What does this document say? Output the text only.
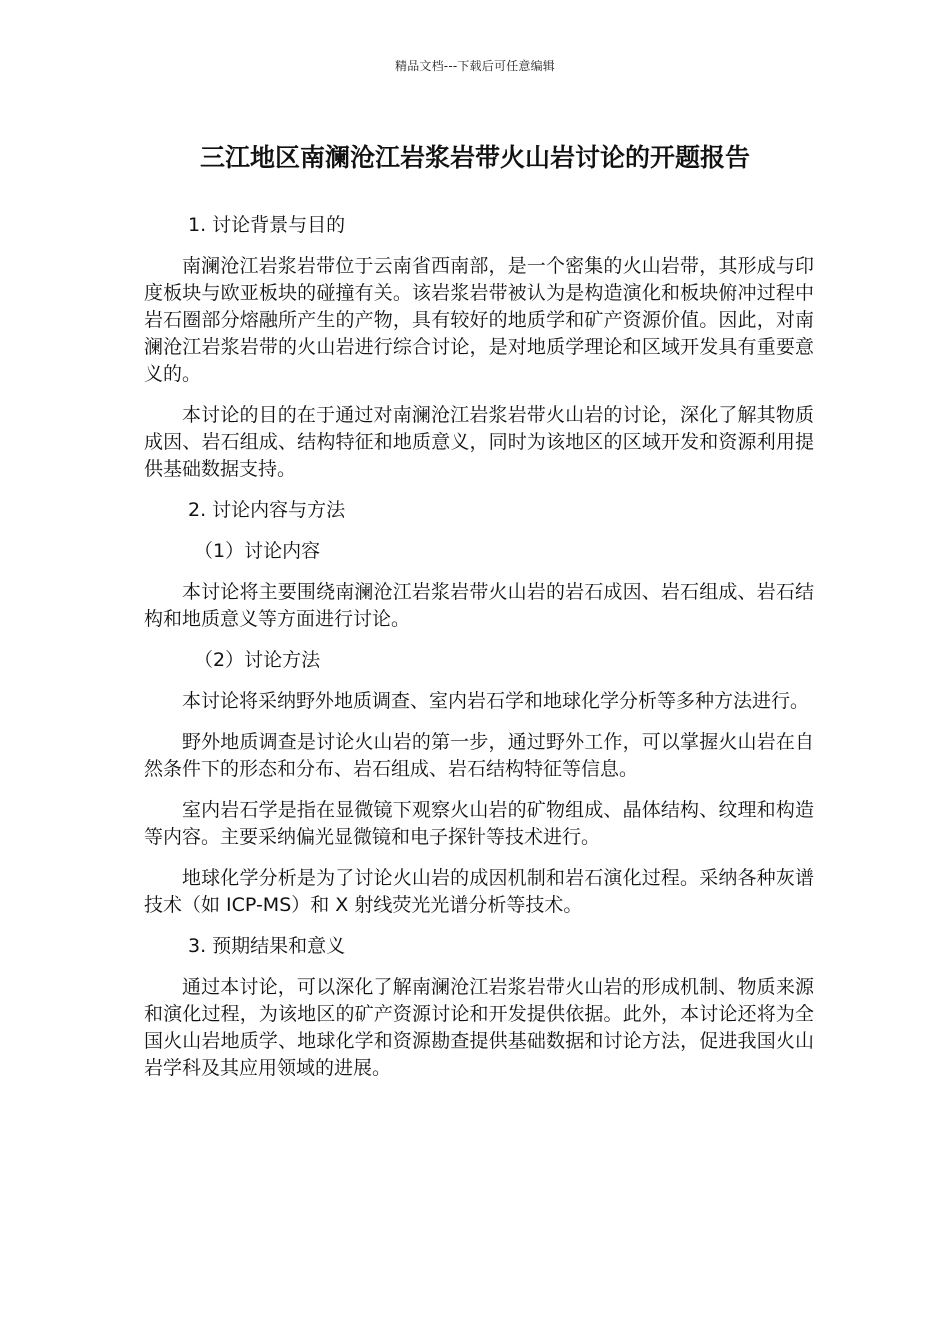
精品文档---下载后可任意编辑
三江地区南澜沧江岩浆岩带火山岩讨论的开题报告
1. 讨论背景与目的

南澜沧江岩浆岩带位于云南省西南部，是一个密集的火山岩带，其形成与印度板块与欧亚板块的碰撞有关。该岩浆岩带被认为是构造演化和板块俯冲过程中岩石圈部分熔融所产生的产物，具有较好的地质学和矿产资源价值。因此，对南澜沧江岩浆岩带的火山岩进行综合讨论，是对地质学理论和区域开发具有重要意义的。

本讨论的目的在于通过对南澜沧江岩浆岩带火山岩的讨论，深化了解其物质成因、岩石组成、结构特征和地质意义，同时为该地区的区域开发和资源利用提供基础数据支持。

2. 讨论内容与方法
（1）讨论内容

本讨论将主要围绕南澜沧江岩浆岩带火山岩的岩石成因、岩石组成、岩石结构和地质意义等方面进行讨论。

（2）讨论方法

本讨论将采纳野外地质调查、室内岩石学和地球化学分析等多种方法进行。

野外地质调查是讨论火山岩的第一步，通过野外工作，可以掌握火山岩在自然条件下的形态和分布、岩石组成、岩石结构特征等信息。

室内岩石学是指在显微镜下观察火山岩的矿物组成、晶体结构、纹理和构造等内容。主要采纳偏光显微镜和电子探针等技术进行。

地球化学分析是为了讨论火山岩的成因机制和岩石演化过程。采纳各种灰谱技术（如 ICP-MS）和 X 射线荧光光谱分析等技术。

3. 预期结果和意义

通过本讨论，可以深化了解南澜沧江岩浆岩带火山岩的形成机制、物质来源和演化过程，为该地区的矿产资源讨论和开发提供依据。此外，本讨论还将为全国火山岩地质学、地球化学和资源勘查提供基础数据和讨论方法，促进我国火山岩学科及其应用领域的进展。
